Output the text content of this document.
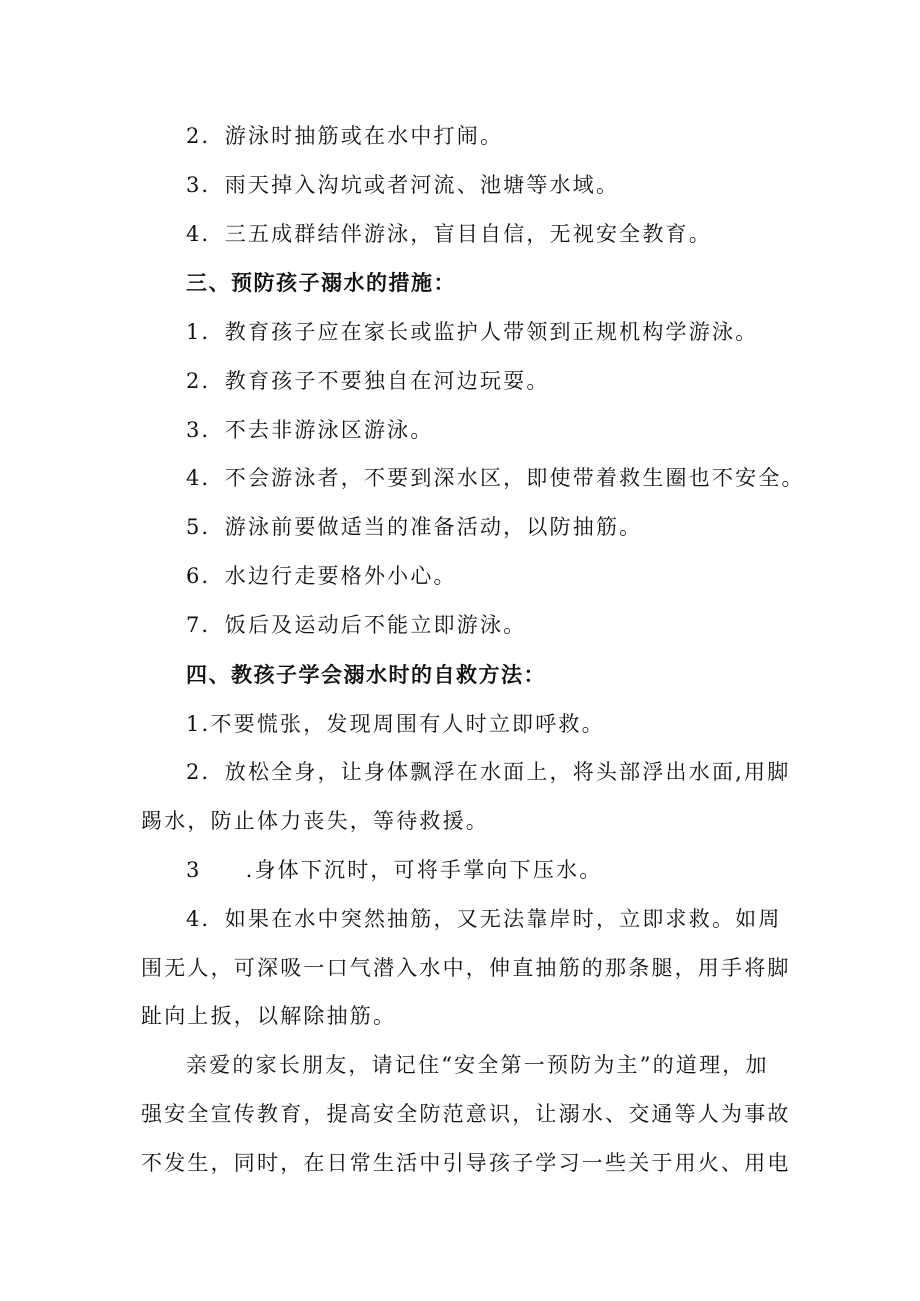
2．游泳时抽筋或在水中打闹。
3．雨天掉入沟坑或者河流、池塘等水域。
4．三五成群结伴游泳，盲目自信，无视安全教育。
三、预防孩子溺水的措施：
1．教育孩子应在家长或监护人带领到正规机构学游泳。
2．教育孩子不要独自在河边玩耍。
3．不去非游泳区游泳。
4．不会游泳者，不要到深水区，即使带着救生圈也不安全。
5．游泳前要做适当的准备活动，以防抽筋。
6．水边行走要格外小心。
7．饭后及运动后不能立即游泳。
四、教孩子学会溺水时的自救方法：
1.不要慌张，发现周围有人时立即呼救。
2．放松全身，让身体飘浮在水面上，将头部浮出水面,用脚
踢水，防止体力丧失，等待救援。
3 .身体下沉时，可将手掌向下压水。
4．如果在水中突然抽筋，又无法靠岸时，立即求救。如周
围无人，可深吸一口气潜入水中，伸直抽筋的那条腿，用手将脚
趾向上扳，以解除抽筋。
亲爱的家长朋友，请记住“安全第一预防为主”的道理，加
强安全宣传教育，提高安全防范意识，让溺水、交通等人为事故
不发生，同时，在日常生活中引导孩子学习一些关于用火、用电
